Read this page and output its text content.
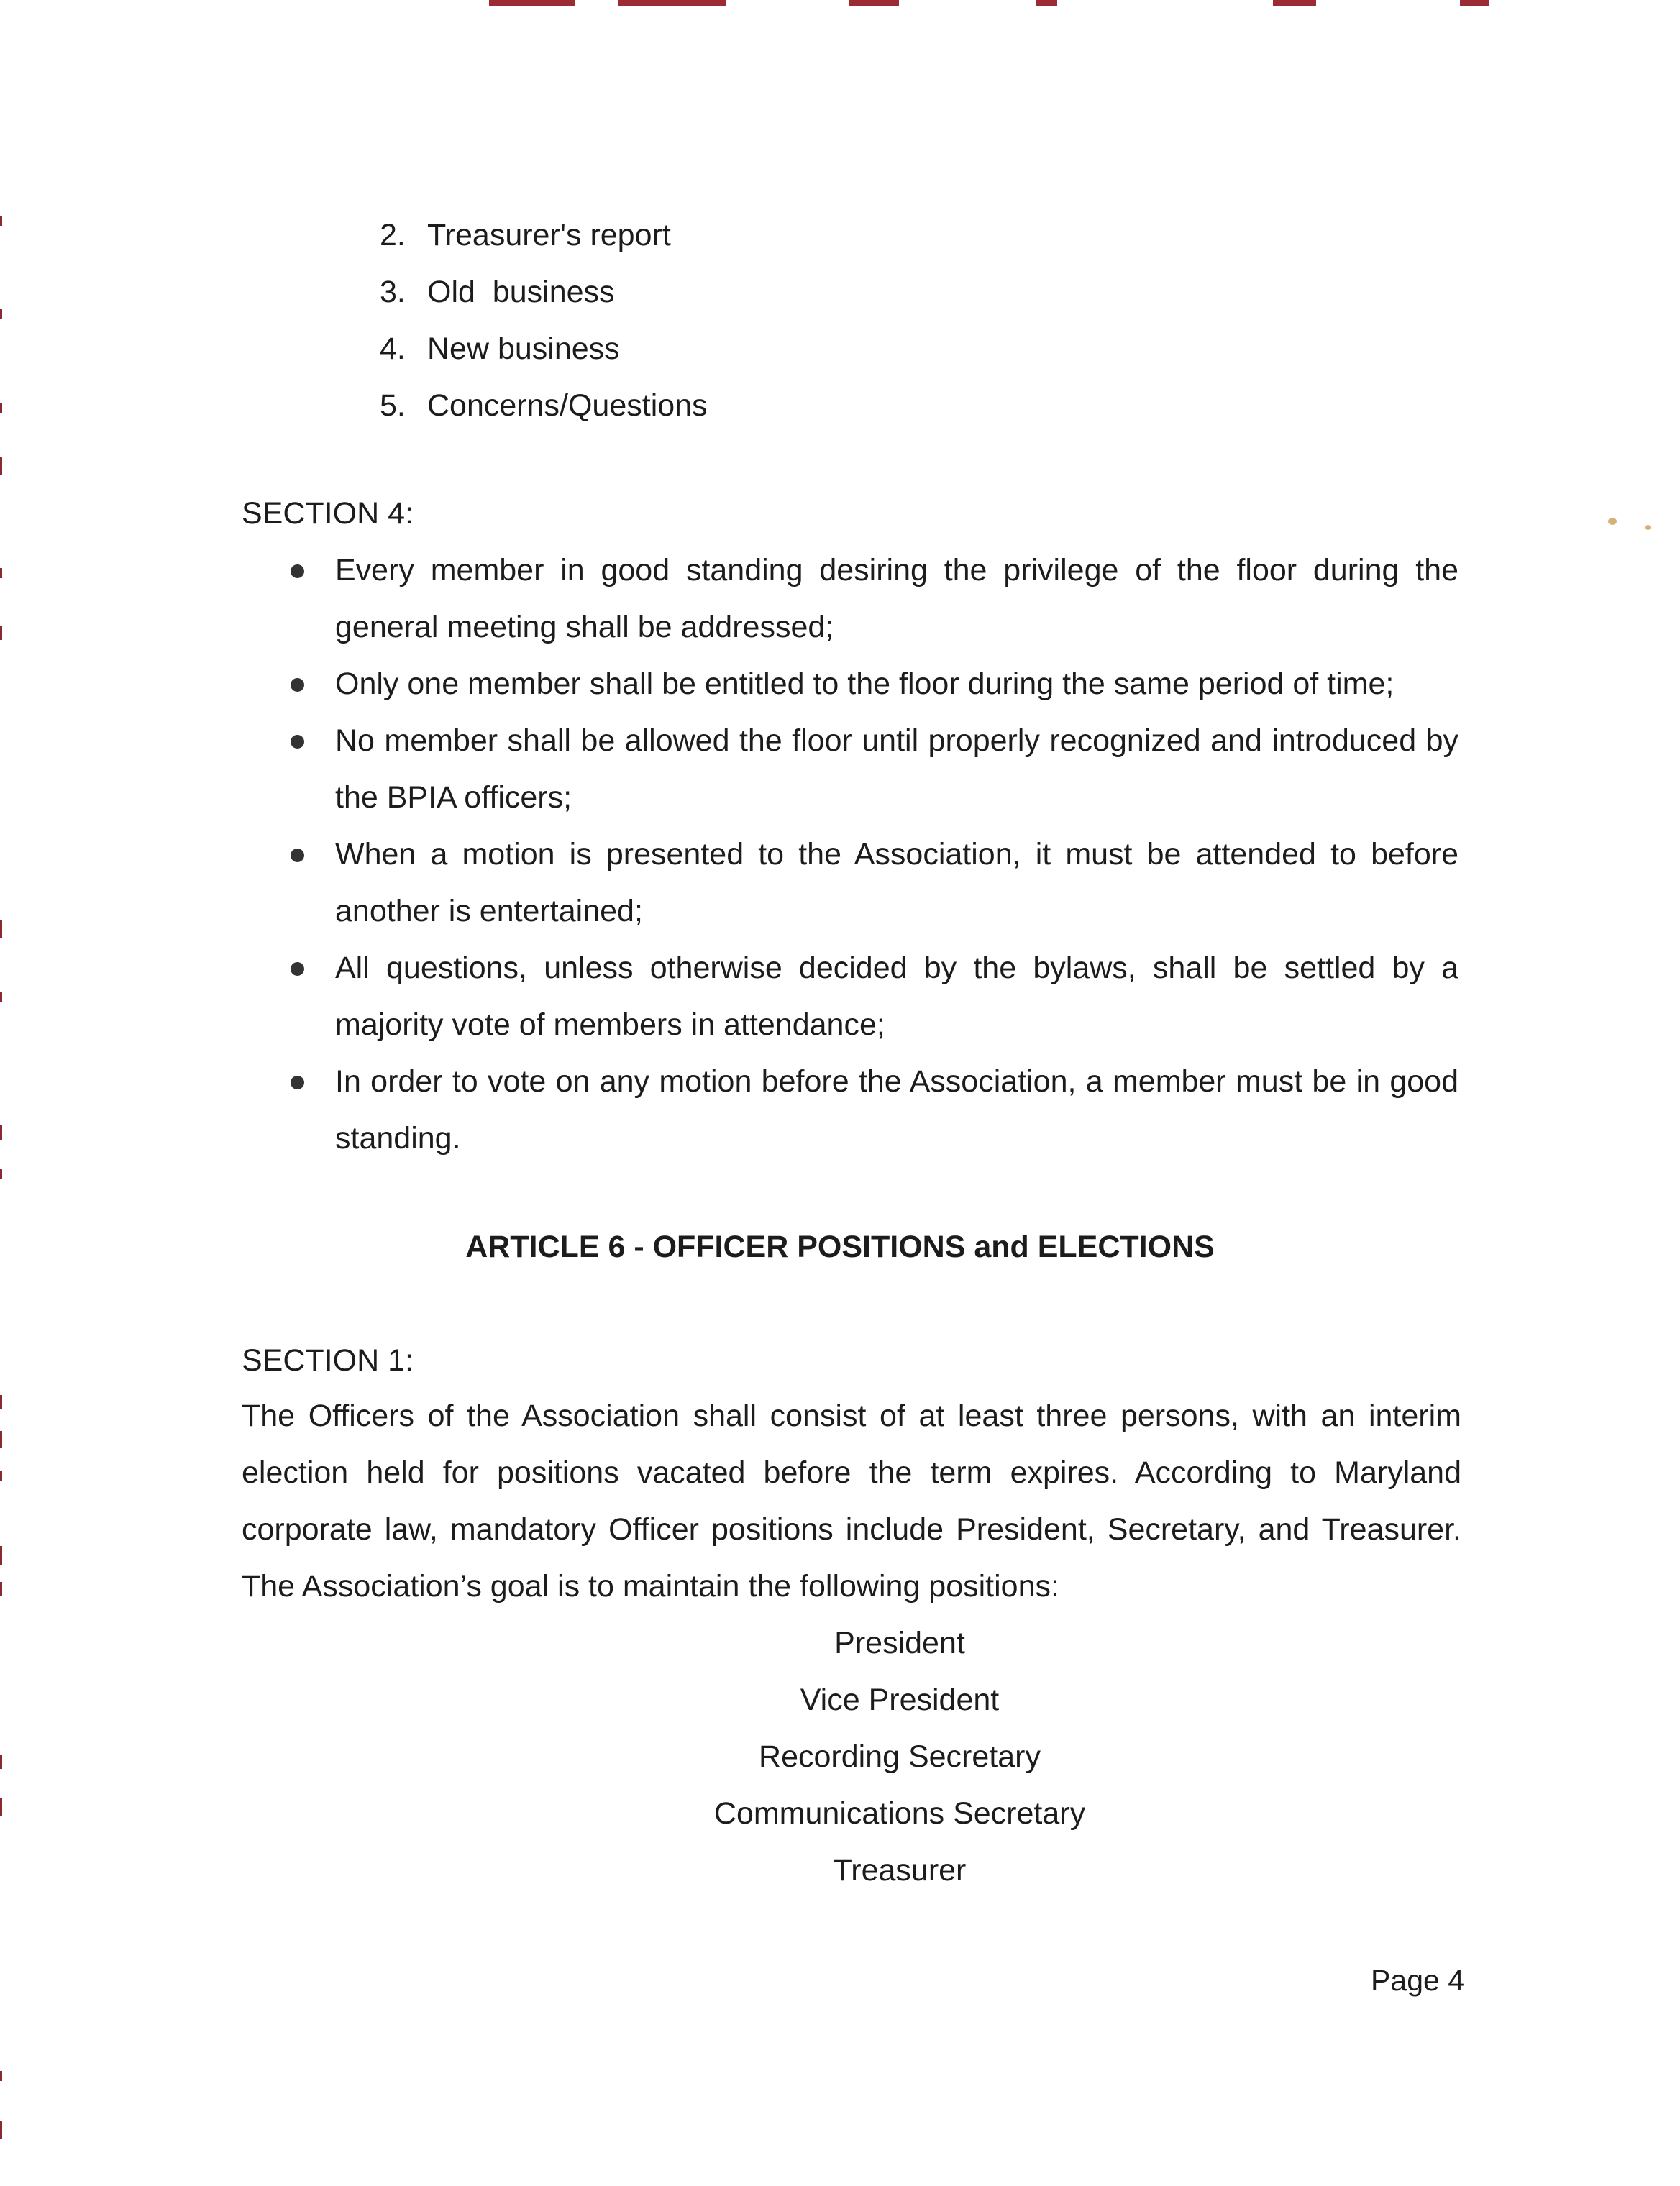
2. Treasurer's report
3. Old  business
4. New business
5. Concerns/Questions
SECTION 4:
Every member in good standing desiring the privilege of the floor during the general meeting shall be addressed;
Only one member shall be entitled to the floor during the same period of time;
No member shall be allowed the floor until properly recognized and introduced by the BPIA officers;
When a motion is presented to the Association, it must be attended to before another is entertained;
All questions, unless otherwise decided by the bylaws, shall be settled by a majority vote of members in attendance;
In order to vote on any motion before the Association, a member must be in good standing.
ARTICLE 6 - OFFICER POSITIONS and ELECTIONS
SECTION 1:

The Officers of the Association shall consist of at least three persons, with an interim election held for positions vacated before the term expires. According to Maryland corporate law, mandatory Officer positions include President, Secretary, and Treasurer. The Association’s goal is to maintain the following positions:

President
Vice President
Recording Secretary
Communications Secretary
Treasurer
Page 4
